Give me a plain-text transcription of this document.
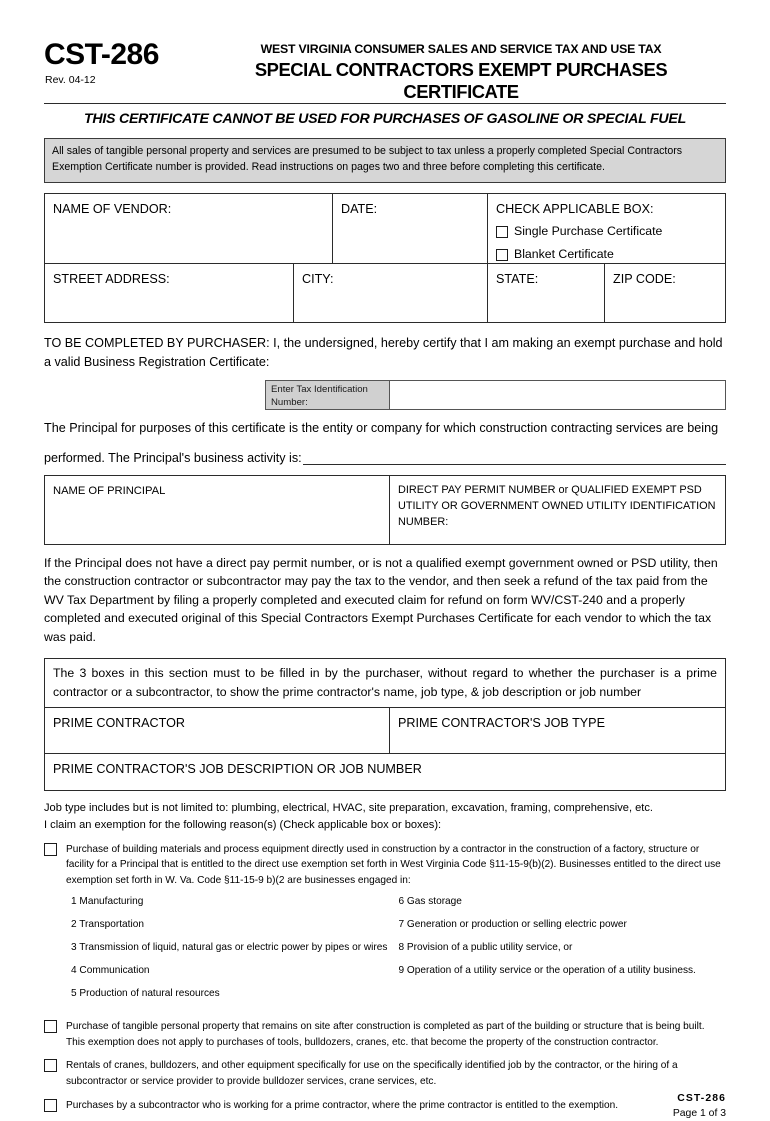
CST-286
Rev. 04-12
WEST VIRGINIA CONSUMER SALES AND SERVICE TAX AND USE TAX
SPECIAL CONTRACTORS EXEMPT PURCHASES CERTIFICATE
THIS CERTIFICATE CANNOT BE USED FOR PURCHASES OF GASOLINE OR SPECIAL FUEL
All sales of tangible personal property and services are presumed to be subject to tax unless a properly completed Special Contractors Exemption Certificate number is provided. Read instructions on pages two and three before completing this certificate.
NAME OF VENDOR:	DATE:	CHECK APPLICABLE BOX:
Single Purchase Certificate
Blanket Certificate
STREET ADDRESS:	CITY:	STATE:	ZIP CODE:
TO BE COMPLETED BY PURCHASER: I, the undersigned, hereby certify that I am making an exempt purchase and hold a valid Business Registration Certificate:
Enter Tax Identification Number:
The Principal for purposes of this certificate is the entity or company for which construction contracting services are being
performed. The Principal's business activity is:
NAME OF PRINCIPAL	DIRECT PAY PERMIT NUMBER or QUALIFIED EXEMPT PSD UTILITY OR GOVERNMENT OWNED UTILITY IDENTIFICATION NUMBER:
If the Principal does not have a direct pay permit number, or is not a qualified exempt government owned or PSD utility, then the construction contractor or subcontractor may pay the tax to the vendor, and then seek a refund of the tax paid from the WV Tax Department by filing a properly completed and executed claim for refund on form WV/CST-240 and a properly completed and executed original of this Special Contractors Exempt Purchases Certificate for each vendor to which the tax was paid.
The 3 boxes in this section must to be filled in by the purchaser, without regard to whether the purchaser is a prime contractor or a subcontractor, to show the prime contractor's name, job type, & job description or job number
PRIME CONTRACTOR	PRIME CONTRACTOR'S JOB TYPE
PRIME CONTRACTOR'S JOB DESCRIPTION OR JOB NUMBER
Job type includes but is not limited to: plumbing, electrical, HVAC, site preparation, excavation, framing, comprehensive, etc.
I claim an exemption for the following reason(s) (Check applicable box or boxes):
Purchase of building materials and process equipment directly used in construction by a contractor in the construction of a factory, structure or facility for a Principal that is entitled to the direct use exemption set forth in West Virginia Code §11-15-9(b)(2). Businesses entitled to the direct use exemption set forth in W. Va. Code §11-15-9 b)(2 are businesses engaged in:
1 Manufacturing
2 Transportation
3 Transmission of liquid, natural gas or electric power by pipes or wires
4 Communication
5 Production of natural resources
6 Gas storage
7 Generation or production or selling electric power
8 Provision of a public utility service, or
9 Operation of a utility service or the operation of a utility business.
Purchase of tangible personal property that remains on site after construction is completed as part of the building or structure that is being built. This exemption does not apply to purchases of tools, bulldozers, cranes, etc. that become the property of the construction contractor.
Rentals of cranes, bulldozers, and other equipment specifically for use on the specifically identified job by the contractor, or the hiring of a subcontractor or service provider to provide bulldozer services, crane services, etc.
Purchases by a subcontractor who is working for a prime contractor, where the prime contractor is entitled to the exemption.
CST-286
Page 1 of 3
